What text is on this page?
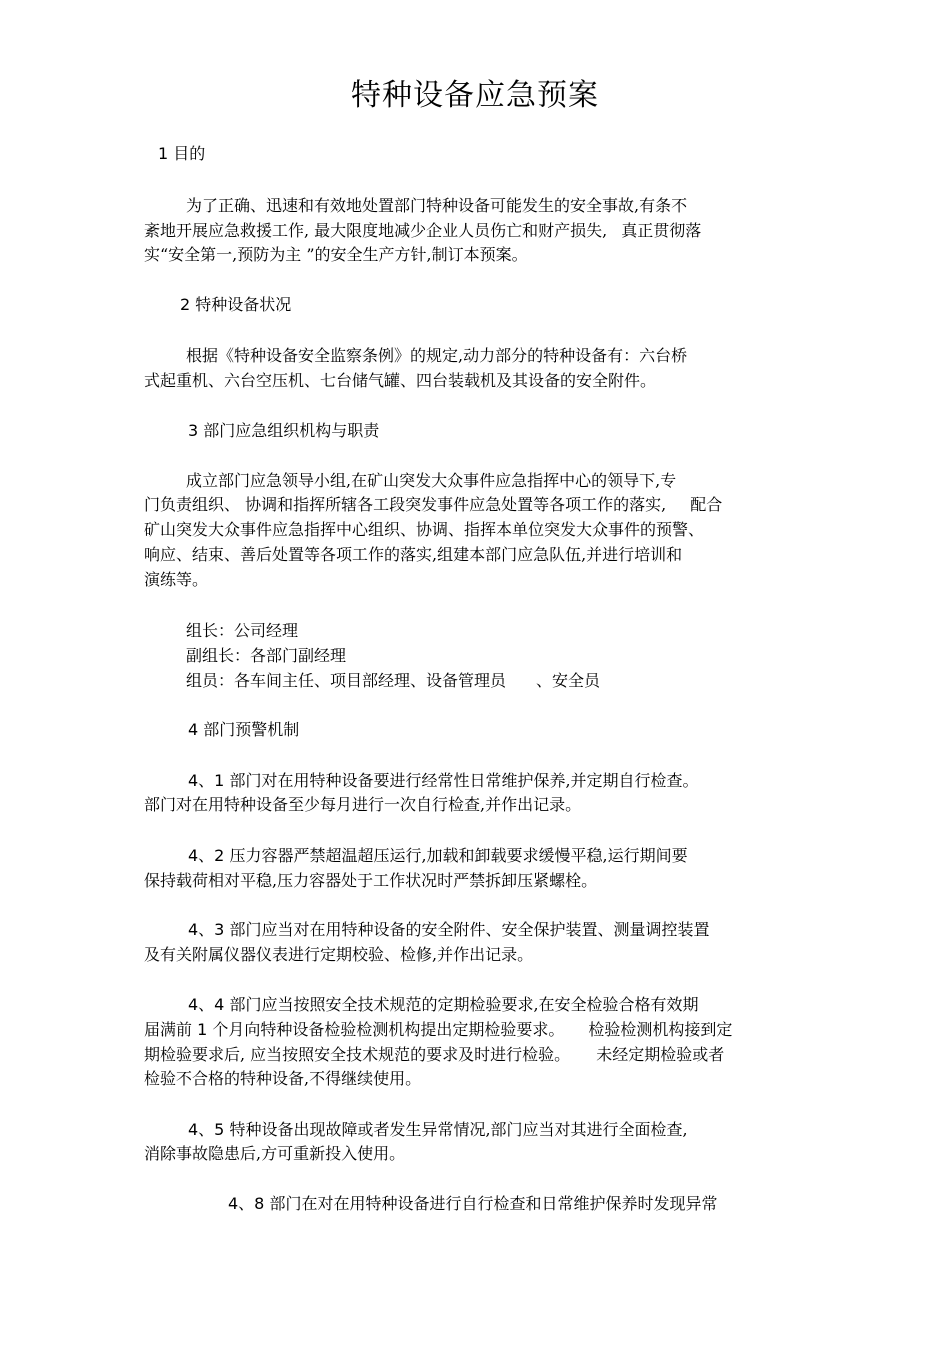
特种设备应急预案

1 目的

为了正确、迅速和有效地处置部门特种设备可能发生的安全事故,有条不

紊地开展应急救援工作, 最大限度地减少企业人员伤亡和财产损失, 真正贯彻落

实“安全第一,预防为主 ”的安全生产方针,制订本预案。

2 特种设备状况

根据《特种设备安全监察条例》的规定,动力部分的特种设备有：六台桥

式起重机、六台空压机、七台储气罐、四台装载机及其设备的安全附件。

3 部门应急组织机构与职责

成立部门应急领导小组,在矿山突发大众事件应急指挥中心的领导下,专

门负责组织、 协调和指挥所辖各工段突发事件应急处置等各项工作的落实, 配合

矿山突发大众事件应急指挥中心组织、协调、指挥本单位突发大众事件的预警、

响应、结束、善后处置等各项工作的落实,组建本部门应急队伍,并进行培训和

演练等。

组长：公司经理

副组长：各部门副经理

组员：各车间主任、项目部经理、设备管理员 、安全员

4 部门预警机制

4、1 部门对在用特种设备要进行经常性日常维护保养,并定期自行检查。

部门对在用特种设备至少每月进行一次自行检查,并作出记录。

4、2 压力容器严禁超温超压运行,加载和卸载要求缓慢平稳,运行期间要

保持载荷相对平稳,压力容器处于工作状况时严禁拆卸压紧螺栓。

4、3 部门应当对在用特种设备的安全附件、安全保护装置、测量调控装置

及有关附属仪器仪表进行定期校验、检修,并作出记录。

4、4 部门应当按照安全技术规范的定期检验要求,在安全检验合格有效期

届满前 1 个月向特种设备检验检测机构提出定期检验要求。 检验检测机构接到定

期检验要求后, 应当按照安全技术规范的要求及时进行检验。 未经定期检验或者

检验不合格的特种设备,不得继续使用。

4、5 特种设备出现故障或者发生异常情况,部门应当对其进行全面检查,

消除事故隐患后,方可重新投入使用。

4、8 部门在对在用特种设备进行自行检查和日常维护保养时发现异常
